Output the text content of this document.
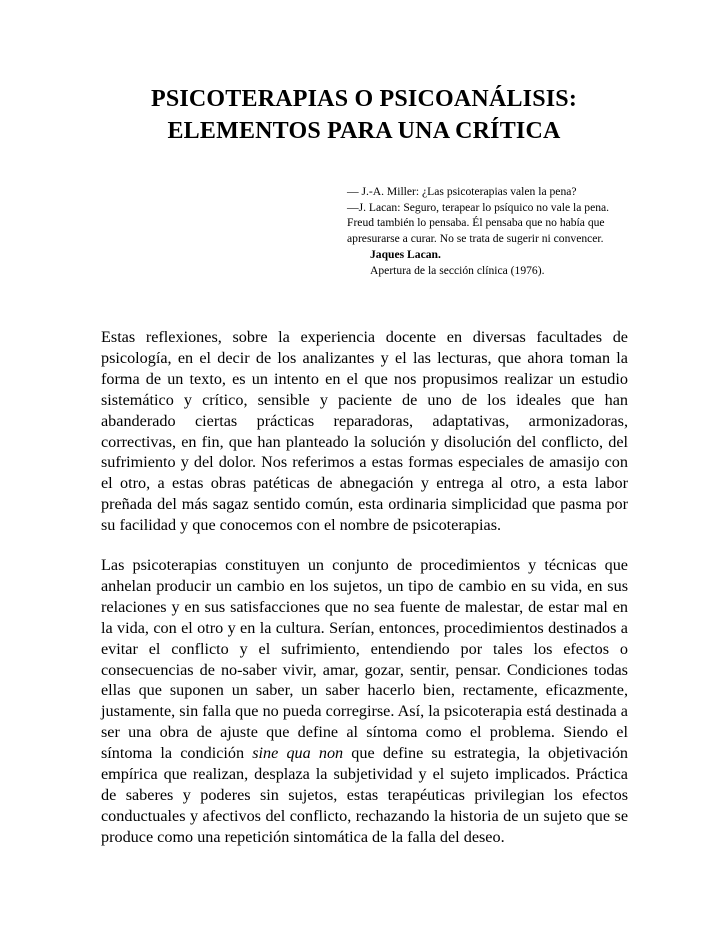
PSICOTERAPIAS O PSICOANÁLISIS:
ELEMENTOS PARA UNA CRÍTICA
— J.-A. Miller: ¿Las psicoterapias valen la pena?
—J. Lacan: Seguro, terapear lo psíquico no vale la pena.
Freud también lo pensaba. Él pensaba que no había que
apresurarse a curar. No se trata de sugerir ni convencer.
Jaques Lacan.
Apertura de la sección clínica (1976).

Estas reflexiones, sobre la experiencia docente en diversas facultades de psicología, en el decir de los analizantes y el las lecturas, que ahora toman la forma de un texto, es un intento en el que nos propusimos realizar un estudio sistemático y crítico, sensible y paciente de uno de los ideales que han abanderado ciertas prácticas reparadoras, adaptativas, armonizadoras, correctivas, en fin, que han planteado la solución y disolución del conflicto, del sufrimiento y del dolor. Nos referimos a estas formas especiales de amasijo con el otro, a estas obras patéticas de abnegación y entrega al otro, a esta labor preñada del más sagaz sentido común, esta ordinaria simplicidad que pasma por su facilidad y que conocemos con el nombre de psicoterapias.

Las psicoterapias constituyen un conjunto de procedimientos y técnicas que anhelan producir un cambio en los sujetos, un tipo de cambio en su vida, en sus relaciones y en sus satisfacciones que no sea fuente de malestar, de estar mal en la vida, con el otro y en la cultura. Serían, entonces, procedimientos destinados a evitar el conflicto y el sufrimiento, entendiendo por tales los efectos o consecuencias de no-saber vivir, amar, gozar, sentir, pensar. Condiciones todas ellas que suponen un saber, un saber hacerlo bien, rectamente, eficazmente, justamente, sin falla que no pueda corregirse. Así, la psicoterapia está destinada a ser una obra de ajuste que define al síntoma como el problema. Siendo el síntoma la condición sine qua non que define su estrategia, la objetivación empírica que realizan, desplaza la subjetividad y el sujeto implicados. Práctica de saberes y poderes sin sujetos, estas terapéuticas privilegian los efectos conductuales y afectivos del conflicto, rechazando la historia de un sujeto que se produce como una repetición sintomática de la falla del deseo.
